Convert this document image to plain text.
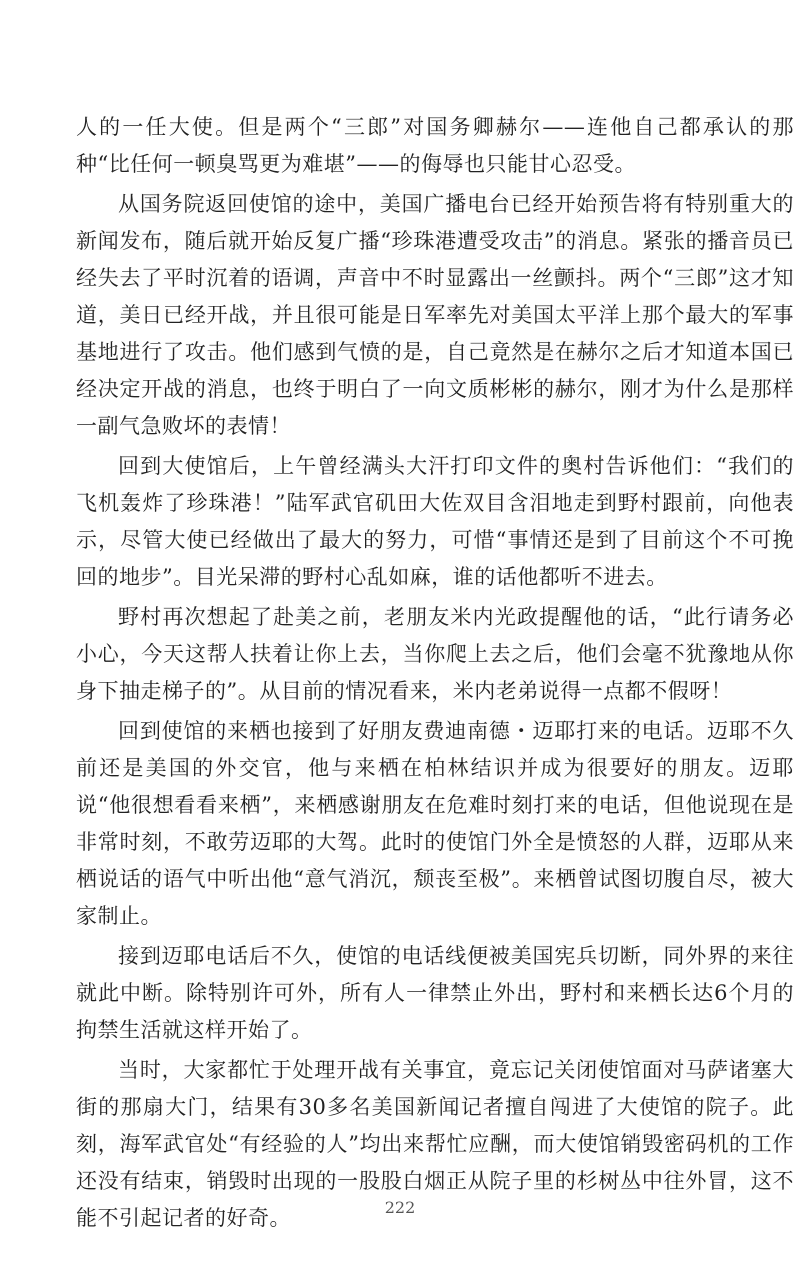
人的一任大使。但是两个“三郎”对国务卿赫尔——连他自己都承认的那种“比任何一顿臭骂更为难堪”——的侮辱也只能甘心忍受。

从国务院返回使馆的途中，美国广播电台已经开始预告将有特别重大的新闻发布，随后就开始反复广播“珍珠港遭受攻击”的消息。紧张的播音员已经失去了平时沉着的语调，声音中不时显露出一丝颤抖。两个“三郎”这才知道，美日已经开战，并且很可能是日军率先对美国太平洋上那个最大的军事基地进行了攻击。他们感到气愤的是，自己竟然是在赫尔之后才知道本国已经决定开战的消息，也终于明白了一向文质彬彬的赫尔，刚才为什么是那样一副气急败坏的表情！

回到大使馆后，上午曾经满头大汗打印文件的奥村告诉他们：“我们的飞机轰炸了珍珠港！”陆军武官矶田大佐双目含泪地走到野村跟前，向他表示，尽管大使已经做出了最大的努力，可惜“事情还是到了目前这个不可挽回的地步”。目光呆滞的野村心乱如麻，谁的话他都听不进去。

野村再次想起了赴美之前，老朋友米内光政提醒他的话，“此行请务必小心，今天这帮人扶着让你上去，当你爬上去之后，他们会毫不犹豫地从你身下抽走梯子的”。从目前的情况看来，米内老弟说得一点都不假呀！

回到使馆的来栖也接到了好朋友费迪南德・迈耶打来的电话。迈耶不久前还是美国的外交官，他与来栖在柏林结识并成为很要好的朋友。迈耶说“他很想看看来栖”，来栖感谢朋友在危难时刻打来的电话，但他说现在是非常时刻，不敢劳迈耶的大驾。此时的使馆门外全是愤怒的人群，迈耶从来栖说话的语气中听出他“意气消沉，颓丧至极”。来栖曾试图切腹自尽，被大家制止。

接到迈耶电话后不久，使馆的电话线便被美国宪兵切断，同外界的来往就此中断。除特别许可外，所有人一律禁止外出，野村和来栖长达6个月的拘禁生活就这样开始了。

当时，大家都忙于处理开战有关事宜，竟忘记关闭使馆面对马萨诸塞大街的那扇大门，结果有30多名美国新闻记者擅自闯进了大使馆的院子。此刻，海军武官处“有经验的人”均出来帮忙应酬，而大使馆销毁密码机的工作还没有结束，销毁时出现的一股股白烟正从院子里的杉树丛中往外冒，这不能不引起记者的好奇。	222
